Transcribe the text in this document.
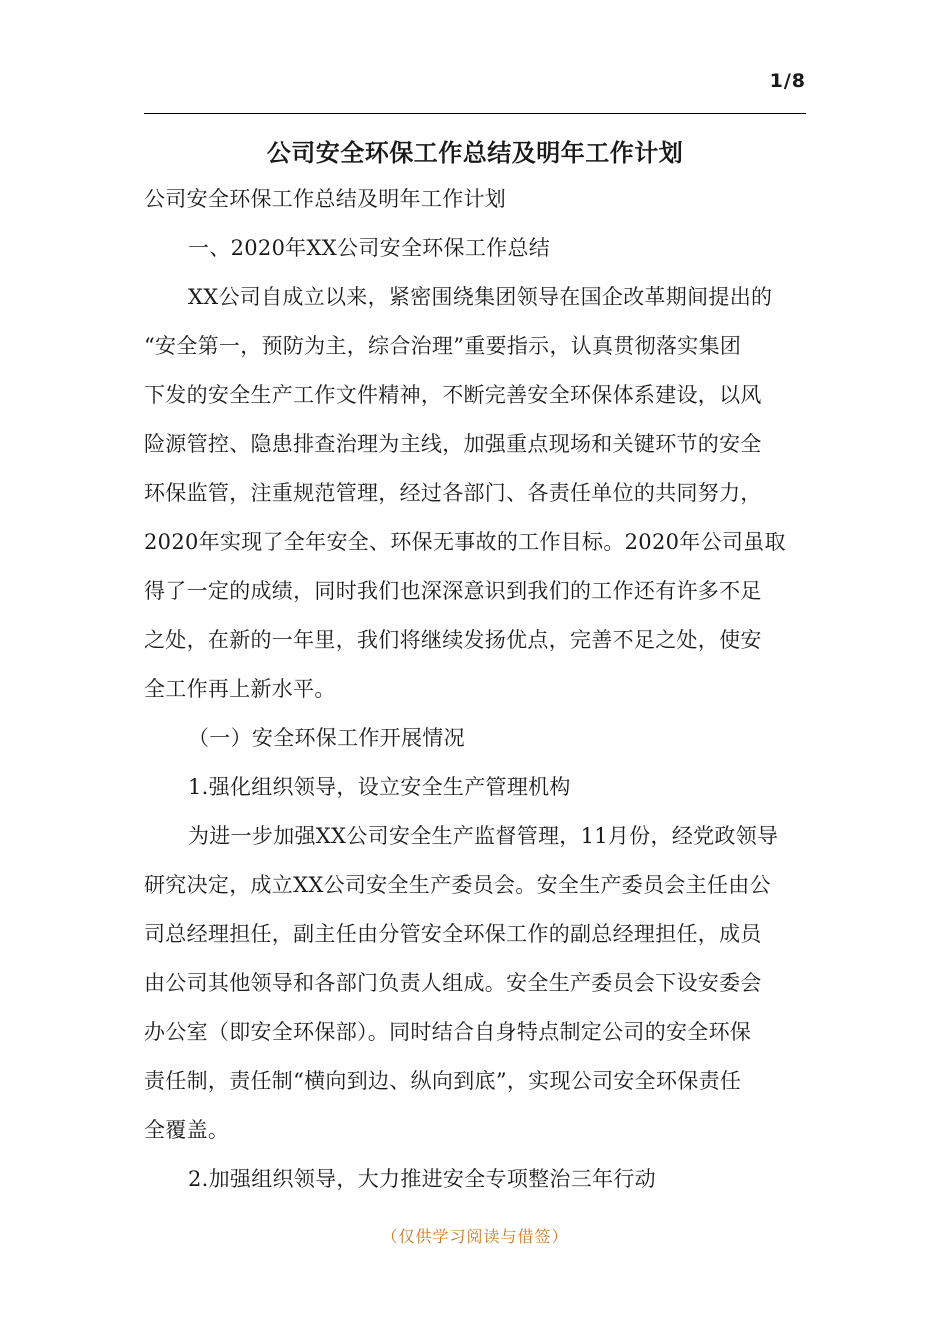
1/8
公司安全环保工作总结及明年工作计划
公司安全环保工作总结及明年工作计划
一、2020年XX公司安全环保工作总结
XX公司自成立以来，紧密围绕集团领导在国企改革期间提出的
“安全第一，预防为主，综合治理”重要指示，认真贯彻落实集团
下发的安全生产工作文件精神，不断完善安全环保体系建设，以风
险源管控、隐患排查治理为主线，加强重点现场和关键环节的安全
环保监管，注重规范管理，经过各部门、各责任单位的共同努力，
2020年实现了全年安全、环保无事故的工作目标。2020年公司虽取
得了一定的成绩，同时我们也深深意识到我们的工作还有许多不足
之处，在新的一年里，我们将继续发扬优点，完善不足之处，使安
全工作再上新水平。
（一）安全环保工作开展情况
1.强化组织领导，设立安全生产管理机构
为进一步加强XX公司安全生产监督管理，11月份，经党政领导
研究决定，成立XX公司安全生产委员会。安全生产委员会主任由公
司总经理担任，副主任由分管安全环保工作的副总经理担任，成员
由公司其他领导和各部门负责人组成。安全生产委员会下设安委会
办公室（即安全环保部）。同时结合自身特点制定公司的安全环保
责任制，责任制“横向到边、纵向到底”，实现公司安全环保责任
全覆盖。
2.加强组织领导，大力推进安全专项整治三年行动
（仅供学习阅读与借签）
